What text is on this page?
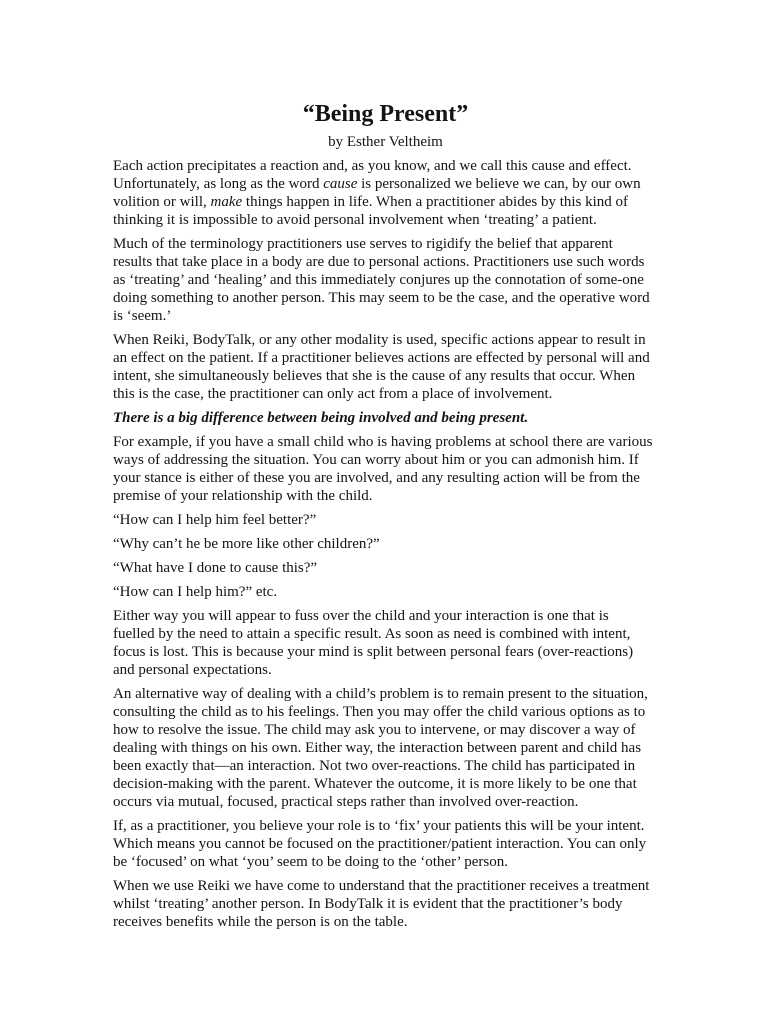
“Being Present”
by Esther Veltheim
Each action precipitates a reaction and, as you know, and we call this cause and effect.
Unfortunately, as long as the word cause is personalized we believe we can, by our own
volition or will, make things happen in life. When a practitioner abides by this kind of
thinking it is impossible to avoid personal involvement when ‘treating’ a patient.
Much of the terminology practitioners use serves to rigidify the belief that apparent
results that take place in a body are due to personal actions. Practitioners use such words
as ‘treating’ and ‘healing’ and this immediately conjures up the connotation of some-one
doing something to another person. This may seem to be the case, and the operative word
is ‘seem.’
When Reiki, BodyTalk, or any other modality is used, specific actions appear to result in
an effect on the patient. If a practitioner believes actions are effected by personal will and
intent, she simultaneously believes that she is the cause of any results that occur. When
this is the case, the practitioner can only act from a place of involvement.
There is a big difference between being involved and being present.
For example, if you have a small child who is having problems at school there are various
ways of addressing the situation. You can worry about him or you can admonish him. If
your stance is either of these you are involved, and any resulting action will be from the
premise of your relationship with the child.
“How can I help him feel better?”
“Why can’t he be more like other children?”
“What have I done to cause this?”
“How can I help him?” etc.
Either way you will appear to fuss over the child and your interaction is one that is
fuelled by the need to attain a specific result. As soon as need is combined with intent,
focus is lost. This is because your mind is split between personal fears (over-reactions)
and personal expectations.
An alternative way of dealing with a child’s problem is to remain present to the situation,
consulting the child as to his feelings. Then you may offer the child various options as to
how to resolve the issue. The child may ask you to intervene, or may discover a way of
dealing with things on his own. Either way, the interaction between parent and child has
been exactly that—an interaction. Not two over-reactions. The child has participated in
decision-making with the parent. Whatever the outcome, it is more likely to be one that
occurs via mutual, focused, practical steps rather than involved over-reaction.
If, as a practitioner, you believe your role is to ‘fix’ your patients this will be your intent.
Which means you cannot be focused on the practitioner/patient interaction. You can only
be ‘focused’ on what ‘you’ seem to be doing to the ‘other’ person.
When we use Reiki we have come to understand that the practitioner receives a treatment
whilst ‘treating’ another person. In BodyTalk it is evident that the practitioner’s body
receives benefits while the person is on the table.
